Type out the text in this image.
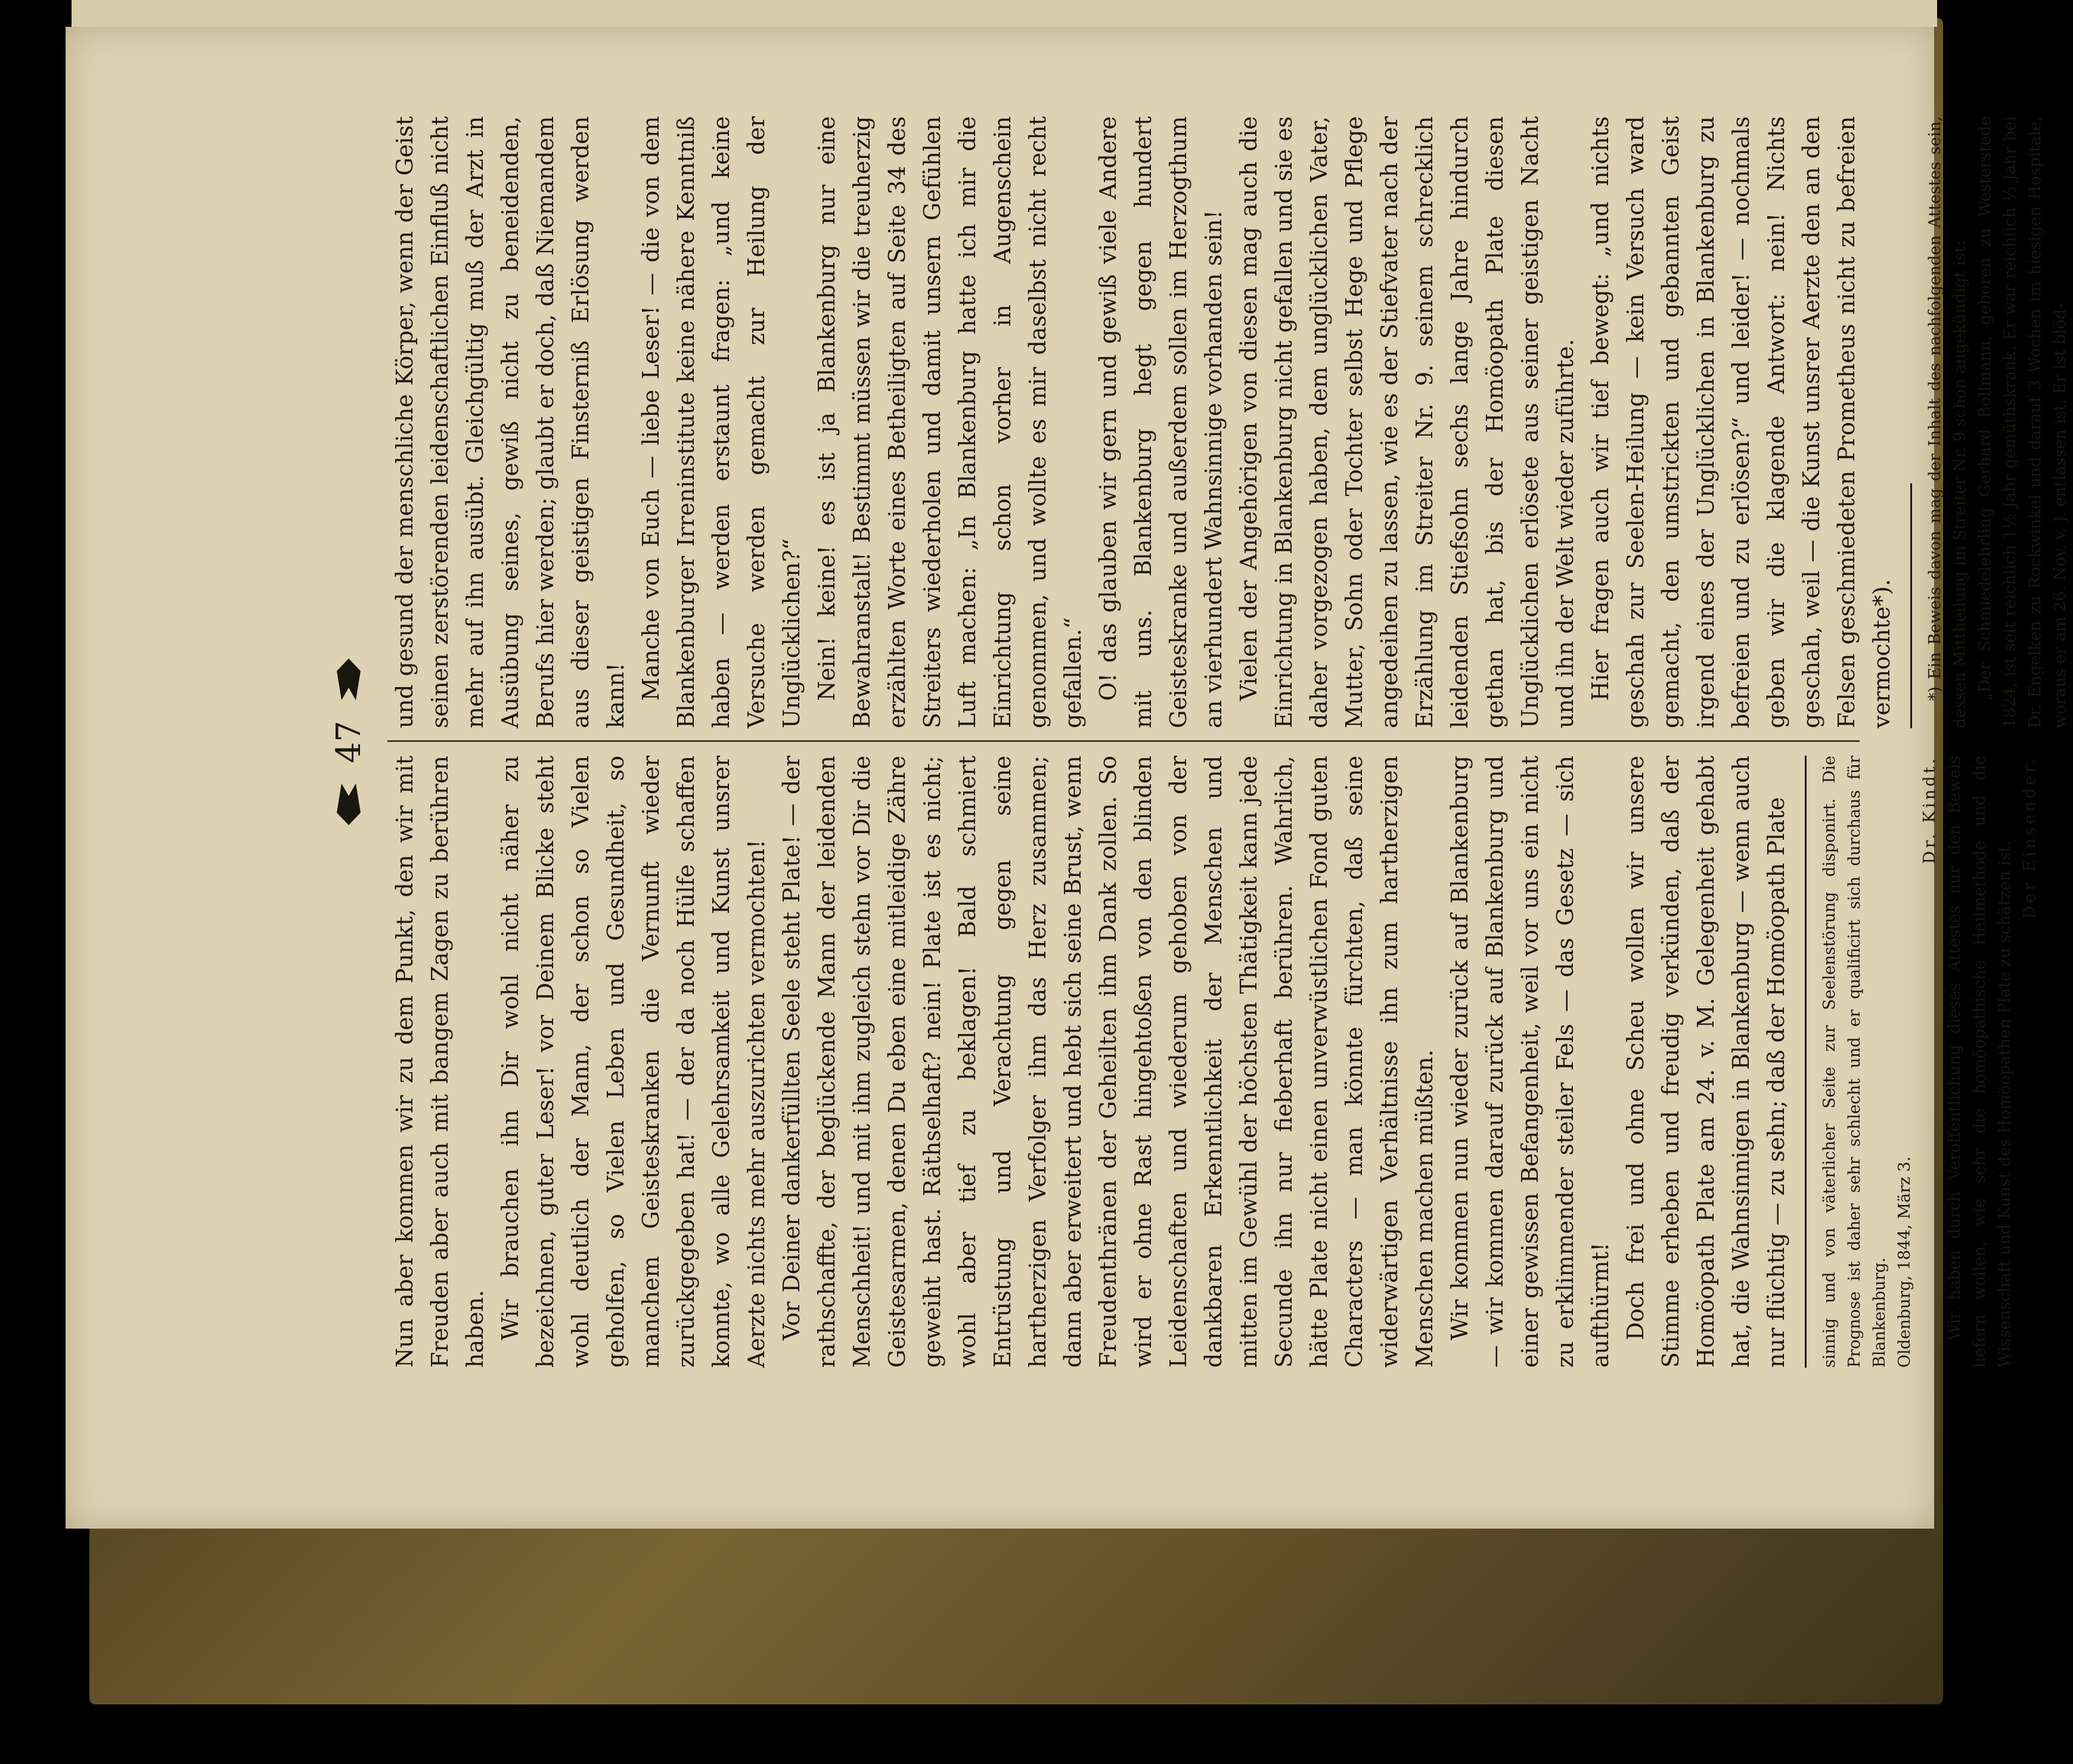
47

Nun aber kommen wir zu dem Punkt, den wir mit Freuden aber auch mit bangem Zagen zu berühren haben. Wir brauchen ihn Dir wohl nicht näher zu bezeichnen, guter Leser! vor Deinem Blicke steht wohl deutlich der Mann, der schon so Vielen geholfen, so Vielen Leben und Gesundheit, so manchem Geisteskranken die Vernunft wieder zurückgegeben hat! — der da noch Hülfe schaffen konnte, wo alle Gelehrsamkeit und Kunst unsrer Aerzte nichts mehr auszurichten vermochten! Vor Deiner dankerfüllten Seele steht Plate! — der rathschaffte, der beglückende Mann der leidenden Menschheit! und mit ihm zugleich stehn vor Dir die Geistesarmen, denen Du eben eine mitleidige Zähre geweiht hast. Räthselhaft? nein! Plate ist es nicht; wohl aber tief zu beklagen! Bald schmiert Entrüstung und Verachtung gegen seine hartherzigen Verfolger ihm das Herz zusammen; dann aber erweitert und hebt sich seine Brust, wenn Freudenthränen der Geheilten ihm Dank zollen. So wird er ohne Rast hingehtoßen von den blinden Leidenschaften und wiederum gehoben von der dankbaren Erkenntlichkeit der Menschen und mitten im Gewühl der höchsten Thätigkeit kann jede Secunde ihn nur fieberhaft berühren. Wahrlich, hätte Plate nicht einen unverwüstlichen Fond guten Characters — man könnte fürchten, daß seine widerwärtigen Verhältnisse ihn zum hartherzigen Menschen machen müßten. Wir kommen nun wieder zurück auf Blankenburg — wir kommen darauf zurück auf Blankenburg und einer gewissen Befangenheit, weil vor uns ein nicht zu erklimmender steiler Fels — das Gesetz — sich aufthürmt! Doch frei und ohne Scheu wollen wir unsere Stimme erheben und freudig verkünden, daß der Homöopath Plate am 24. v. M. Gelegenheit gehabt hat, die Wahnsinnigen in Blankenburg — wenn auch nur flüchtig — zu sehn; daß der Homöopath Plate sinnig und von väterlicher Seite zur Seelenstörung disponirt. Die Prognose ist daher sehr schlecht und er qualificirt sich durchaus für Blankenburg. Oldenburg, 1844, März 3.

Dr. Kindt. Wir haben durch Veröffentlichung dieses Attestes nur den Beweis liefern wollen, wie sehr die homöopathische Heilmethode und die Wissenschaft und Kunst des Homöopathen Plate zu schätzen ist.

Der Einsender.

und gesund der menschliche Körper, wenn der Geist seinen zerstörenden leidenschaftlichen Einfluß nicht mehr auf ihn ausübt. Gleichgültig muß der Arzt in Ausübung seines, gewiß nicht zu beneidenden, Berufs hier werden; glaubt er doch, daß Niemandem aus dieser geistigen Finsterniß Erlösung werden kann! Manche von Euch — liebe Leser! — die von dem Blankenburger Irreninstitute keine nähere Kenntniß haben — werden erstaunt fragen: „und keine Versuche werden gemacht zur Heilung der Unglücklichen?“ Nein! keine! es ist ja Blankenburg nur eine Bewahranstalt! Bestimmt müssen wir die treuherzig erzählten Worte eines Betheiligten auf Seite 34 des Streiters wiederholen und damit unsern Gefühlen Luft machen: „In Blankenburg hatte ich mir die Einrichtung schon vorher in Augenschein genommen, und wollte es mir daselbst nicht recht gefallen.“ O! das glauben wir gern und gewiß viele Andere mit uns. Blankenburg hegt gegen hundert Geisteskranke und außerdem sollen im Herzogthum an vierhundert Wahnsinnige vorhanden sein! Vielen der Angehörigen von diesen mag auch die Einrichtung in Blankenburg nicht gefallen und sie es daher vorgezogen haben, dem unglücklichen Vater, Mutter, Sohn oder Tochter selbst Hege und Pflege angedeihen zu lassen, wie es der Stiefvater nach der Erzählung im Streiter Nr. 9. seinem schrecklich leidenden Stiefsohn sechs lange Jahre hindurch gethan hat, bis der Homöopath Plate diesen Unglücklichen erlösete aus seiner geistigen Nacht und ihn der Welt wieder zuführte. Hier fragen auch wir tief bewegt: „und nichts geschah zur Seelen-Heilung — kein Versuch ward gemacht, den umstrickten und gebannten Geist irgend eines der Unglücklichen in Blankenburg zu befreien und zu erlösen?“ und leider! — nochmals geben wir die klagende Antwort: nein! Nichts geschah, weil — die Kunst unsrer Aerzte den an den Felsen geschmiedeten Prometheus nicht zu befreien vermochte*). *) Ein Beweis davon mag der Inhalt des nachfolgenden Attestes sein, dessen Mittheilung im Streiter Nr. 9 schon angekündigt ist: „Der Schmiedelehrling Gerhard Bollmann, geboren zu Westerstede 1824, ist seit reichlich 1½ Jahr gemüthskrank. Er war reichlich ½ Jahr bei Dr. Engelken zu Rockwinkel und darauf 3 Wochen im hiesigen Hospitale, woraus er am 26. Nov. v. J. entlassen ist. Er ist blöd-
